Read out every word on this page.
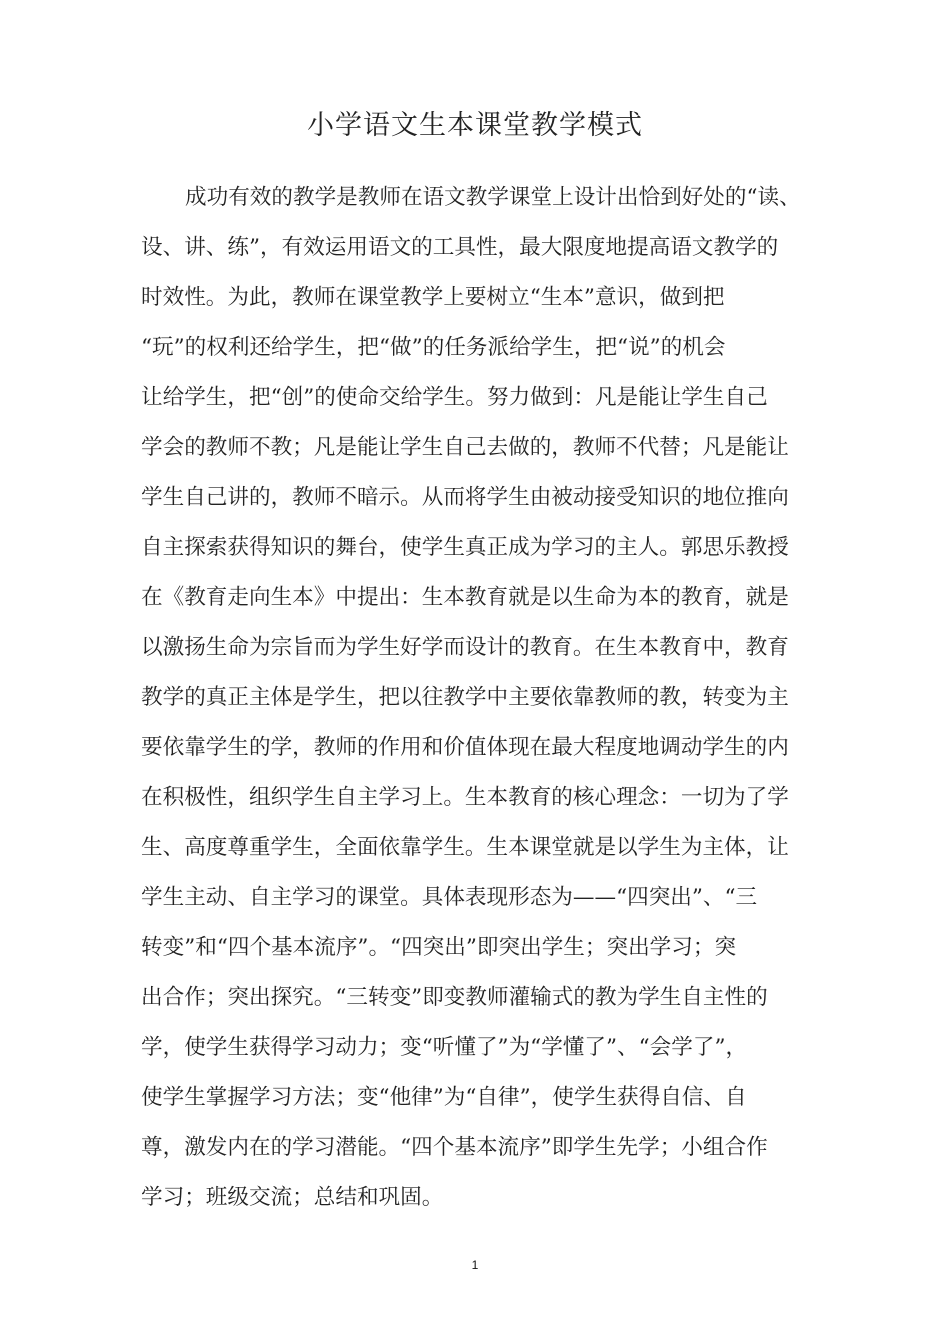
小学语文生本课堂教学模式
成功有效的教学是教师在语文教学课堂上设计出恰到好处的“读、
设、讲、练”，有效运用语文的工具性，最大限度地提高语文教学的
时效性。为此，教师在课堂教学上要树立“生本”意识，做到把
“玩”的权利还给学生，把“做”的任务派给学生，把“说”的机会
让给学生，把“创”的使命交给学生。努力做到：凡是能让学生自己
学会的教师不教；凡是能让学生自己去做的，教师不代替；凡是能让
学生自己讲的，教师不暗示。从而将学生由被动接受知识的地位推向
自主探索获得知识的舞台，使学生真正成为学习的主人。郭思乐教授
在《教育走向生本》中提出：生本教育就是以生命为本的教育，就是
以激扬生命为宗旨而为学生好学而设计的教育。在生本教育中，教育
教学的真正主体是学生，把以往教学中主要依靠教师的教，转变为主
要依靠学生的学，教师的作用和价值体现在最大程度地调动学生的内
在积极性，组织学生自主学习上。生本教育的核心理念：一切为了学
生、高度尊重学生，全面依靠学生。生本课堂就是以学生为主体，让
学生主动、自主学习的课堂。具体表现形态为——“四突出”、“三
转变”和“四个基本流序”。“四突出”即突出学生；突出学习；突
出合作；突出探究。“三转变”即变教师灌输式的教为学生自主性的
学，使学生获得学习动力；变“听懂了”为“学懂了”、“会学了”，
使学生掌握学习方法；变“他律”为“自律”，使学生获得自信、自
尊，激发内在的学习潜能。“四个基本流序”即学生先学；小组合作
学习；班级交流；总结和巩固。
1
